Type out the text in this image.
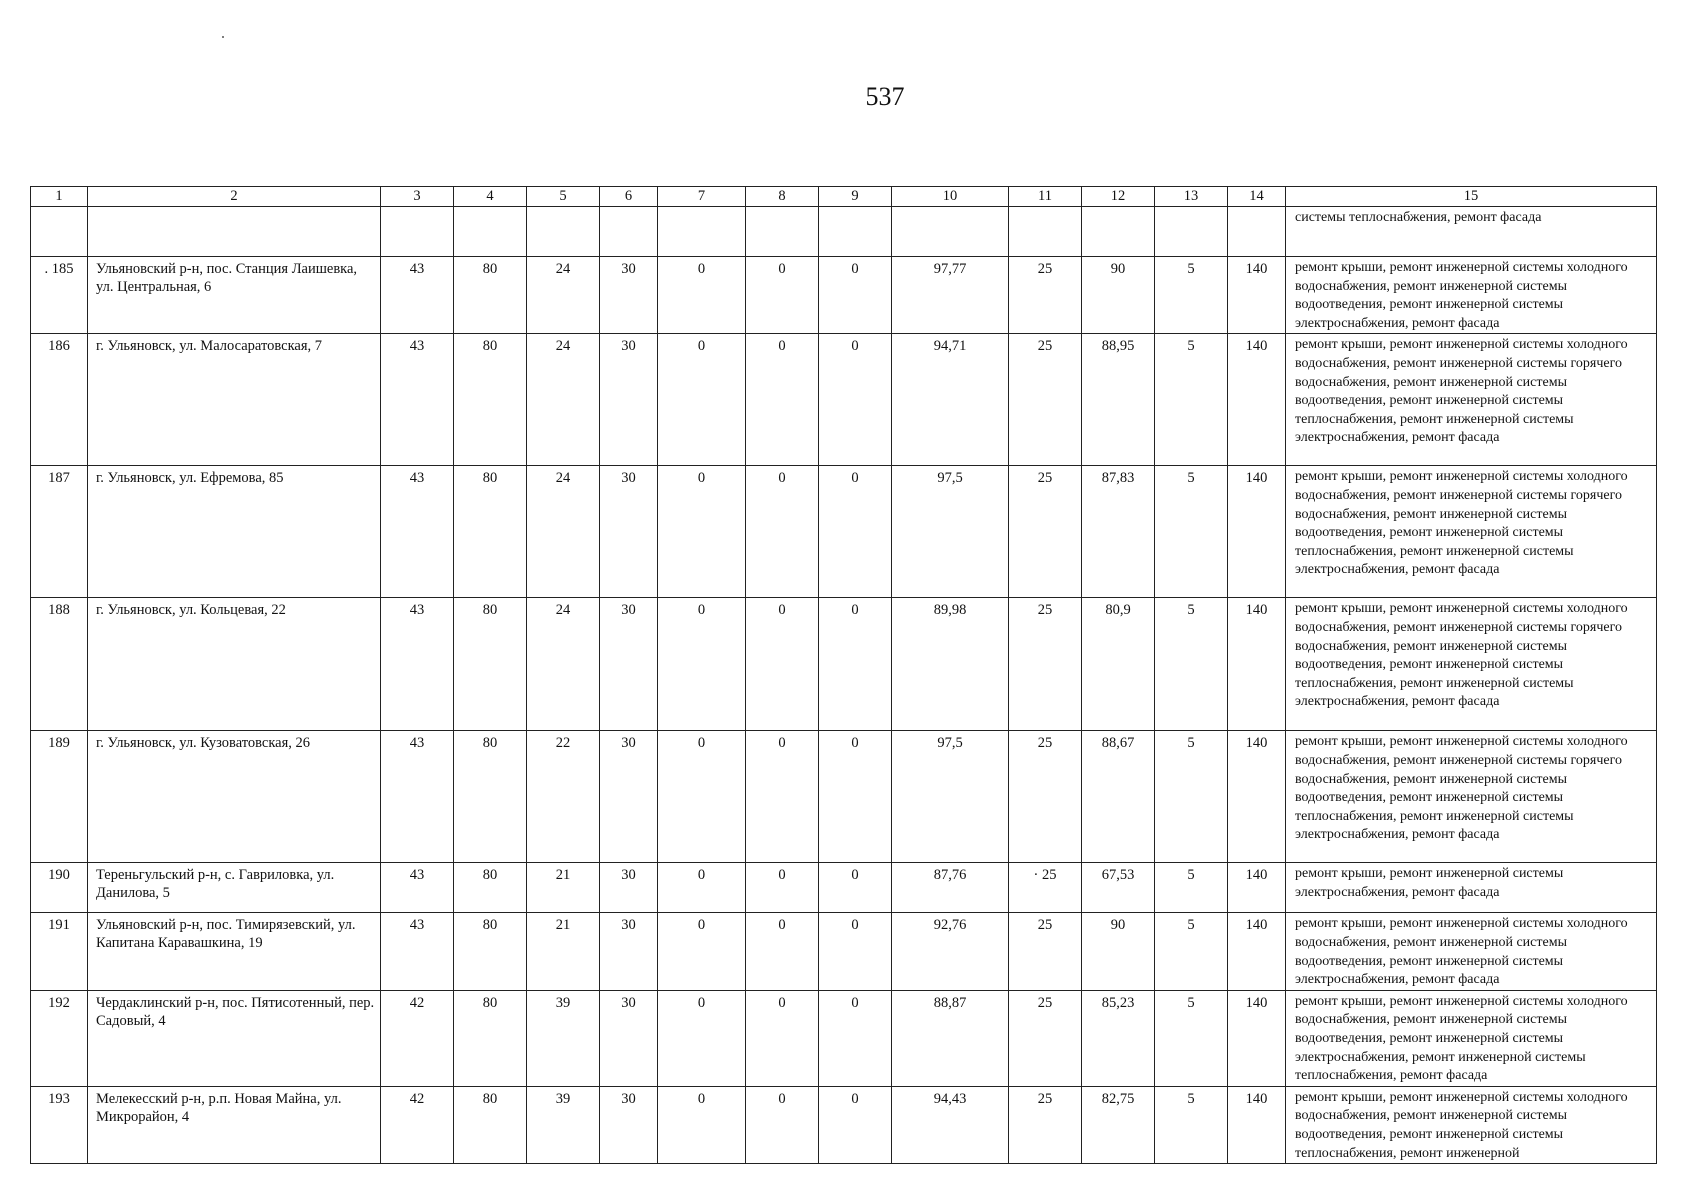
537
1	2	3	4	5	6	7	8	9	10	11	12	13	14	15
														системы теплоснабжения, ремонт фасада
. 185	Ульяновский р-н, пос. Станция Лаишевка, ул. Центральная, 6	43	80	24	30	0	0	0	97,77	25	90	5	140	ремонт крыши, ремонт инженерной системы холодного водоснабжения, ремонт инженерной системы водоотведения, ремонт инженерной системы электроснабжения, ремонт фасада
186	г. Ульяновск, ул. Малосаратовская, 7	43	80	24	30	0	0	0	94,71	25	88,95	5	140	ремонт крыши, ремонт инженерной системы холодного водоснабжения, ремонт инженерной системы горячего водоснабжения, ремонт инженерной системы водоотведения, ремонт инженерной системы теплоснабжения, ремонт инженерной системы электроснабжения, ремонт фасада
187	г. Ульяновск, ул. Ефремова, 85	43	80	24	30	0	0	0	97,5	25	87,83	5	140	ремонт крыши, ремонт инженерной системы холодного водоснабжения, ремонт инженерной системы горячего водоснабжения, ремонт инженерной системы водоотведения, ремонт инженерной системы теплоснабжения, ремонт инженерной системы электроснабжения, ремонт фасада
188	г. Ульяновск, ул. Кольцевая, 22	43	80	24	30	0	0	0	89,98	25	80,9	5	140	ремонт крыши, ремонт инженерной системы холодного водоснабжения, ремонт инженерной системы горячего водоснабжения, ремонт инженерной системы водоотведения, ремонт инженерной системы теплоснабжения, ремонт инженерной системы электроснабжения, ремонт фасада
189	г. Ульяновск, ул. Кузоватовская, 26	43	80	22	30	0	0	0	97,5	25	88,67	5	140	ремонт крыши, ремонт инженерной системы холодного водоснабжения, ремонт инженерной системы горячего водоснабжения, ремонт инженерной системы водоотведения, ремонт инженерной системы теплоснабжения, ремонт инженерной системы электроснабжения, ремонт фасада
190	Тереньгульский р-н, с. Гавриловка, ул. Данилова, 5	43	80	21	30	0	0	0	87,76	· 25	67,53	5	140	ремонт крыши, ремонт инженерной системы электроснабжения, ремонт фасада
191	Ульяновский р-н, пос. Тимирязевский, ул. Капитана Каравашкина, 19	43	80	21	30	0	0	0	92,76	25	90	5	140	ремонт крыши, ремонт инженерной системы холодного водоснабжения, ремонт инженерной системы водоотведения, ремонт инженерной системы электроснабжения, ремонт фасада
192	Чердаклинский р-н, пос. Пятисотенный, пер. Садовый, 4	42	80	39	30	0	0	0	88,87	25	85,23	5	140	ремонт крыши, ремонт инженерной системы холодного водоснабжения, ремонт инженерной системы водоотведения, ремонт инженерной системы электроснабжения, ремонт инженерной системы теплоснабжения, ремонт фасада
193	Мелекесский р-н, р.п. Новая Майна, ул. Микрорайон, 4	42	80	39	30	0	0	0	94,43	25	82,75	5	140	ремонт крыши, ремонт инженерной системы холодного водоснабжения, ремонт инженерной системы водоотведения, ремонт инженерной системы теплоснабжения, ремонт инженерной
